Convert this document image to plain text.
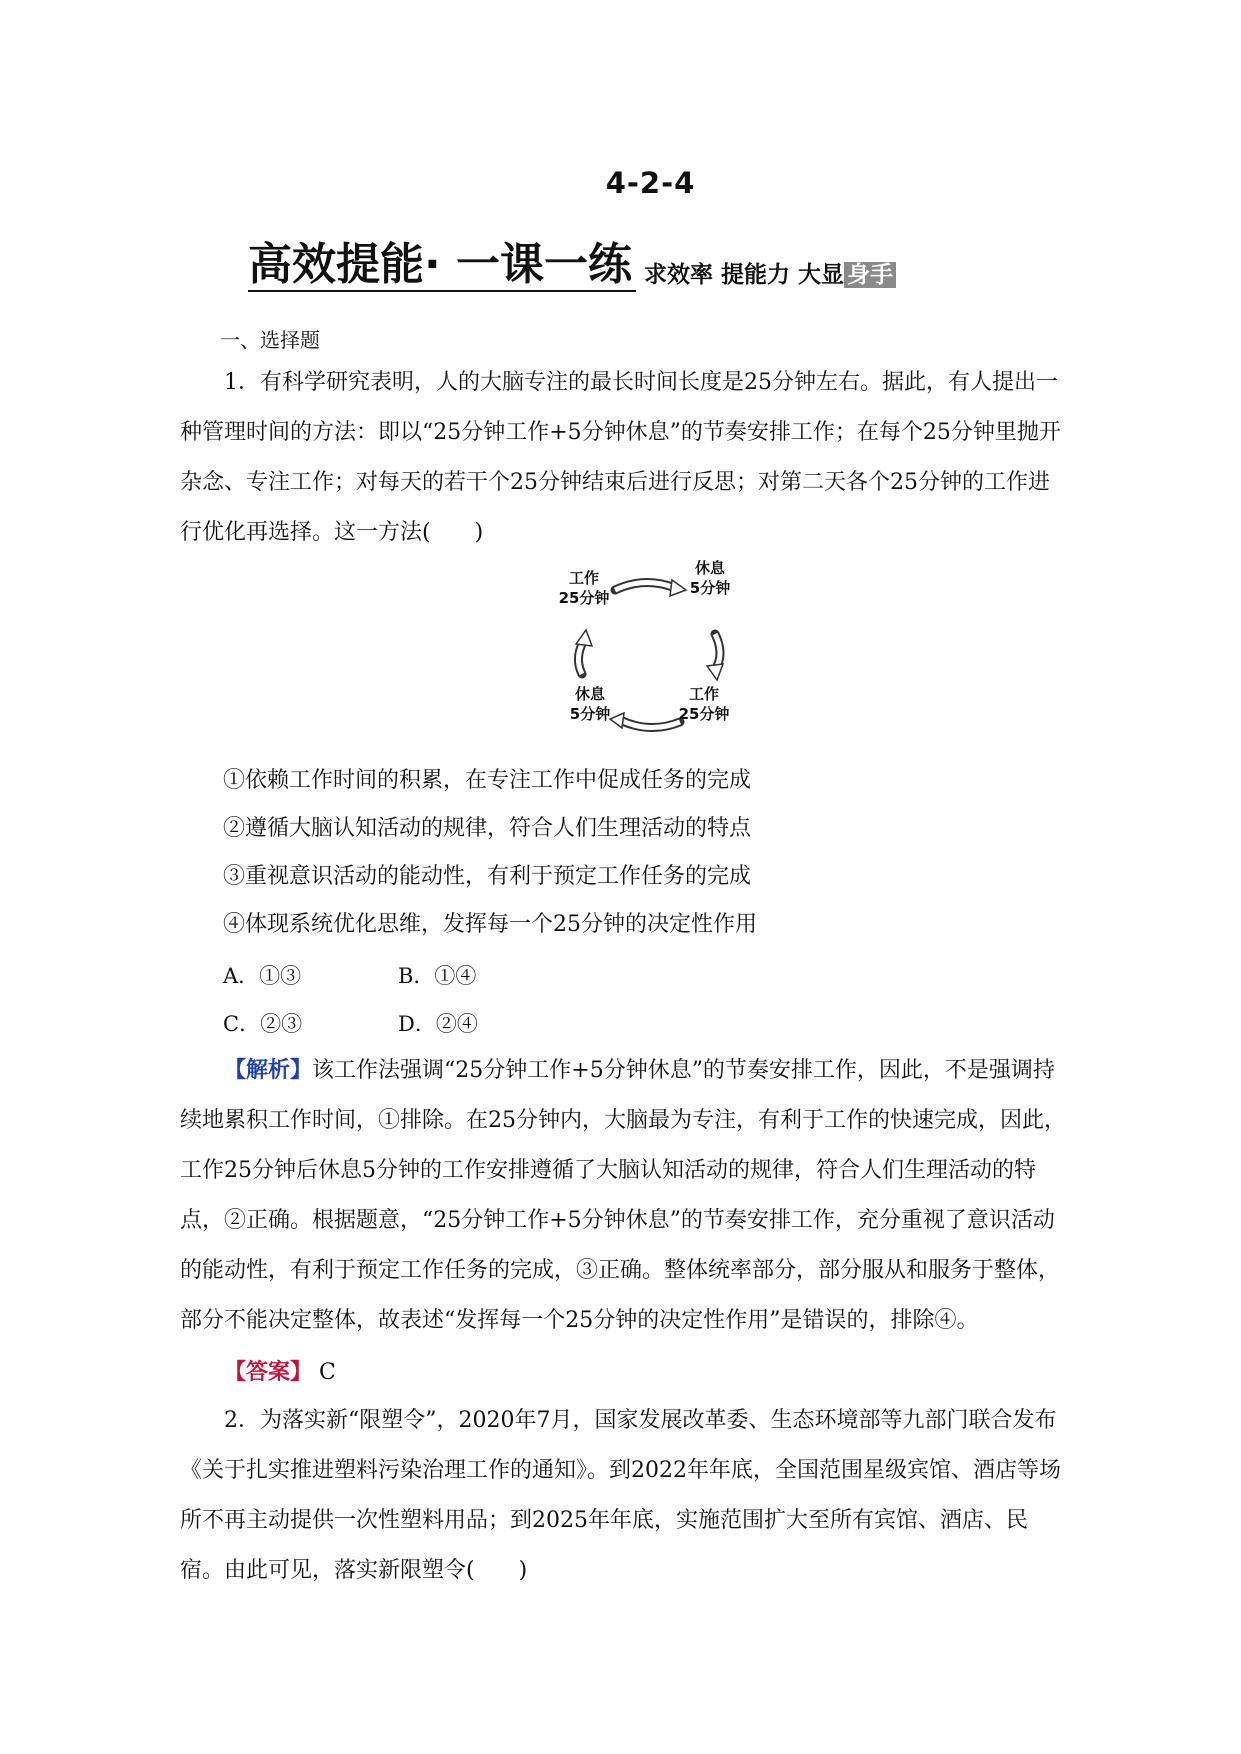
4-2-4
高效提能· 一课一练 求效率 提能力 大显 身手
一、选择题

1．有科学研究表明，人的大脑专注的最长时间长度是25分钟左右。据此，有人提出一种管理时间的方法：即以“25分钟工作+5分钟休息”的节奏安排工作；在每个25分钟里抛开杂念、专注工作；对每天的若干个25分钟结束后进行反思；对第二天各个25分钟的工作进行优化再选择。这一方法(　　)

工作
25分钟
休息
5分钟
工作
25分钟
休息
5分钟
①依赖工作时间的积累，在专注工作中促成任务的完成
②遵循大脑认知活动的规律，符合人们生理活动的特点
③重视意识活动的能动性，有利于预定工作任务的完成
④体现系统优化思维，发挥每一个25分钟的决定性作用
A．①③	B．①④
C．②③	D．②④

【解析】该工作法强调“25分钟工作+5分钟休息”的节奏安排工作，因此，不是强调持续地累积工作时间，①排除。在25分钟内，大脑最为专注，有利于工作的快速完成，因此，工作25分钟后休息5分钟的工作安排遵循了大脑认知活动的规律，符合人们生理活动的特点，②正确。根据题意，“25分钟工作+5分钟休息”的节奏安排工作，充分重视了意识活动的能动性，有利于预定工作任务的完成，③正确。整体统率部分，部分服从和服务于整体，部分不能决定整体，故表述“发挥每一个25分钟的决定性作用”是错误的，排除④。

【答案】 C

2．为落实新“限塑令”，2020年7月，国家发展改革委、生态环境部等九部门联合发布《关于扎实推进塑料污染治理工作的通知》。到2022年年底，全国范围星级宾馆、酒店等场所不再主动提供一次性塑料用品；到2025年年底，实施范围扩大至所有宾馆、酒店、民宿。由此可见，落实新限塑令(　　)
